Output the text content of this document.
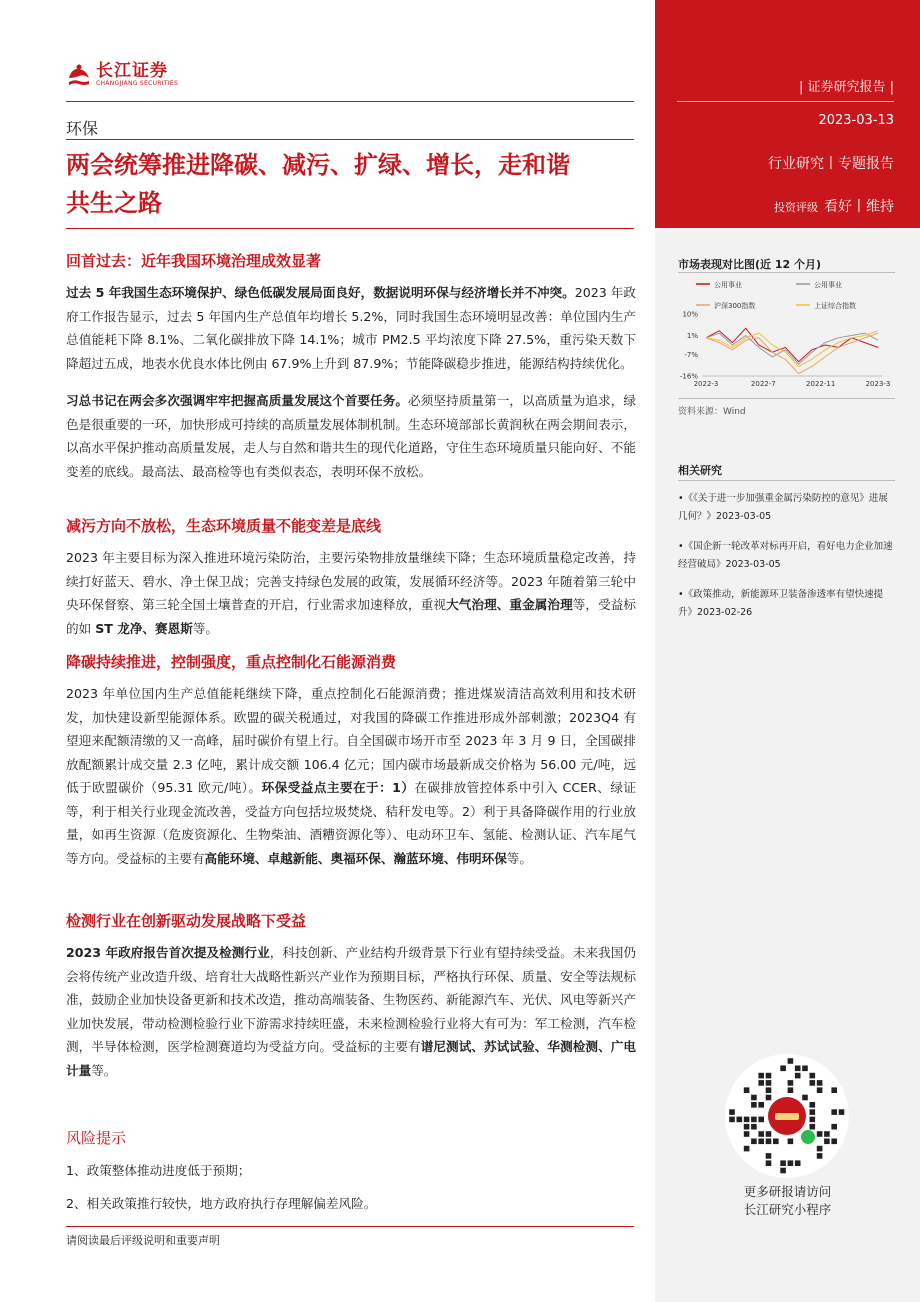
长江证券
CHANGJIANG SECURITIES
环保
两会统筹推进降碳、减污、扩绿、增长，走和谐
共生之路
回首过去：近年我国环境治理成效显著
过去 5 年我国生态环境保护、绿色低碳发展局面良好，数据说明环保与经济增长并不冲突。2023 年政府工作报告显示，过去 5 年国内生产总值年均增长 5.2%，同时我国生态环境明显改善：单位国内生产总值能耗下降 8.1%、二氧化碳排放下降 14.1%；城市 PM2.5 平均浓度下降 27.5%，重污染天数下降超过五成，地表水优良水体比例由 67.9%上升到 87.9%；节能降碳稳步推进，能源结构持续优化。
习总书记在两会多次强调牢牢把握高质量发展这个首要任务。必须坚持质量第一，以高质量为追求，绿色是很重要的一环，加快形成可持续的高质量发展体制机制。生态环境部部长黄润秋在两会期间表示，以高水平保护推动高质量发展，走人与自然和谐共生的现代化道路，守住生态环境质量只能向好、不能变差的底线。最高法、最高检等也有类似表态，表明环保不放松。
减污方向不放松，生态环境质量不能变差是底线
2023 年主要目标为深入推进环境污染防治，主要污染物排放量继续下降；生态环境质量稳定改善，持续打好蓝天、碧水、净土保卫战；完善支持绿色发展的政策，发展循环经济等。2023 年随着第三轮中央环保督察、第三轮全国土壤普查的开启，行业需求加速释放，重视大气治理、重金属治理等，受益标的如 ST 龙净、赛恩斯等。
降碳持续推进，控制强度，重点控制化石能源消费
2023 年单位国内生产总值能耗继续下降，重点控制化石能源消费；推进煤炭清洁高效利用和技术研发，加快建设新型能源体系。欧盟的碳关税通过，对我国的降碳工作推进形成外部刺激；2023Q4 有望迎来配额清缴的又一高峰，届时碳价有望上行。自全国碳市场开市至 2023 年 3 月 9 日，全国碳排放配额累计成交量 2.3 亿吨，累计成交额 106.4 亿元；国内碳市场最新成交价格为 56.00 元/吨，远低于欧盟碳价（95.31 欧元/吨）。环保受益点主要在于：1）在碳排放管控体系中引入 CCER、绿证等，利于相关行业现金流改善，受益方向包括垃圾焚烧、秸秆发电等。2）利于具备降碳作用的行业放量，如再生资源（危废资源化、生物柴油、酒糟资源化等）、电动环卫车、氢能、检测认证、汽车尾气等方向。受益标的主要有高能环境、卓越新能、奥福环保、瀚蓝环境、伟明环保等。
检测行业在创新驱动发展战略下受益
2023 年政府报告首次提及检测行业，科技创新、产业结构升级背景下行业有望持续受益。未来我国仍会将传统产业改造升级、培育壮大战略性新兴产业作为预期目标，严格执行环保、质量、安全等法规标准，鼓励企业加快设备更新和技术改造，推动高端装备、生物医药、新能源汽车、光伏、风电等新兴产业加快发展，带动检测检验行业下游需求持续旺盛，未来检测检验行业将大有可为：军工检测，汽车检测，半导体检测，医学检测赛道均为受益方向。受益标的主要有谱尼测试、苏试试验、华测检测、广电计量等。
风险提示
1、政策整体推动进度低于预期；
2、相关政策推行较快，地方政府执行存理解偏差风险。
请阅读最后评级说明和重要声明
| 证券研究报告 |
2023-03-13
行业研究丨专题报告
投资评级 看好丨维持
市场表现对比图(近 12 个月)
公用事业	公用事业
沪深300指数	上证综合指数
10%
1%
-7%
-16%
2022-3	2022-7	2022-11	2023-3
资料来源：Wind
相关研究
•《《关于进一步加强重金属污染防控的意见》进展几何？》2023-03-05
•《国企新一轮改革对标再开启，看好电力企业加速经营破局》2023-03-05
•《政策推动，新能源环卫装备渗透率有望快速提升》2023-02-26
更多研报请访问
长江研究小程序
